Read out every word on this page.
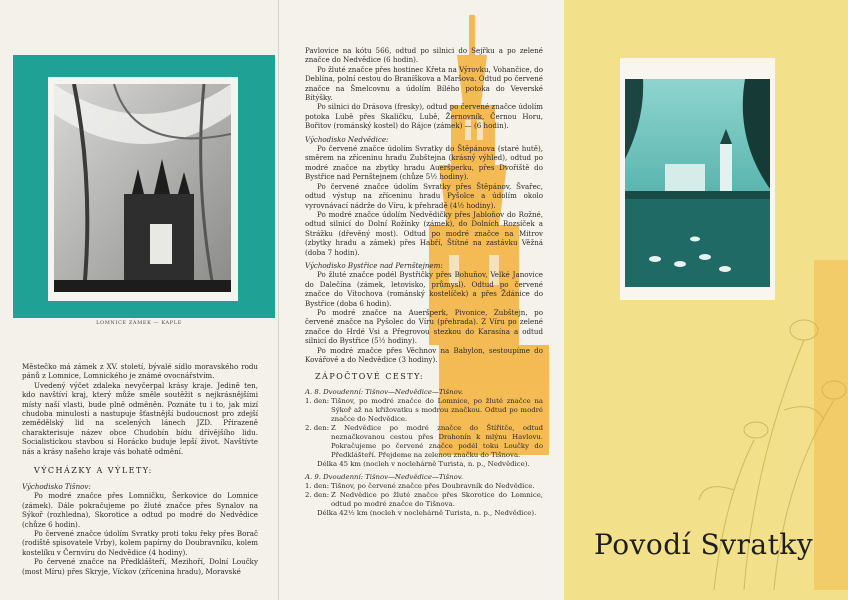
LOMNICE ZÁMEK — KAPLE

Městečko má zámek z XV. století, bývalé sídlo moravského rodu pánů z Lomnice, Lomnického je známé ovocnářstvím.

Uvedený výčet zdaleka nevyčerpal krásy kraje. Jedině ten, kdo navštíví kraj, který může směle soutěžit s nejkrásnějšími místy naší vlasti, bude plně odměněn. Poznáte tu i to, jak mizí chudoba minulosti a nastupuje šťastnější budoucnost pro zdejší zemědělský lid na scelených lánech JZD. Přirazeně charakterisuje název obce Chudobín bídu dřívějšího lidu. Socialistickou stavbou si Horácko buduje lepší život. Navštívte nás a krásy našeho kraje vás bohatě odmění.

VÝCHÁZKY A VÝLETY:

Východisko Tišnov:

Po modré značce přes Lomničku, Šerkovice do Lomnice (zámek). Dále pokračujeme po žluté značce přes Synalov na Sýkoř (rozhledna), Skorotice a odtud po modré do Nedvědice (chůze 6 hodin).

Po červené značce údolím Svratky proti toku řeky přes Borač (rodiště spisovatele Vrby), kolem papírny do Doubravníku, kolem kostelíku v Černvíru do Nedvědice (4 hodiny).

Po červené značce na Předklášteří, Mezihoří, Dolní Loučky (most Míru) přes Skryje, Víckov (zřícenina hradu), Moravské

Pavlovice na kótu 566, odtud po silnici do Sejřku a po zelené značce do Nedvědice (6 hodin).

Po žluté značce přes hostinec Křeta na Výrovku, Vohančice, do Deblína, polní cestou do Braníškova a Maršova. Odtud po červené značce na Šmelcovnu a údolím Bílého potoka do Veverské Bítýšky.

Po silnici do Drásova (fresky), odtud po červené značce údolím potoka Lubě přes Skaličku, Lubě, Žernovník, Černou Horu, Bořitov (románský kostel) do Rájce (zámek) — (6 hodin).

Východisko Nedvědice:

Po červené značce údolím Svratky do Štěpánova (staré hutě), směrem na zříceninu hradu Zubštejna (krásný výhled), odtud po modré značce na zbytky hradu Aueršperku, přes Dvořiště do Bystřice nad Pernštejnem (chůze 5½ hodiny).

Po červené značce údolím Svratky přes Štěpánov, Švařec, odtud výstup na zříceninu hradu Pyšolce a údolím okolo vyrovnávací nádrže do Víru, k přehradě (4½ hodiny).

Po modré značce údolím Nedvědičky přes Jabloňov do Rožné, odtud silnicí do Dolní Rožínky (zámek), do Dolních Rozsíček a Strážku (dřevěný most). Odtud po modré značce na Mitrov (zbytky hradu a zámek) přes Habří, Štítné na zastávku Věžná (doba 7 hodin).

Východisko Bystřice nad Pernštejnem:

Po žluté značce podél Bystřičky přes Bohuňov, Velké Janovice do Dalečína (zámek, letovisko, průmysl). Odtud po červené značce do Vítochova (románský kostelíček) a přes Ždánice do Bystřice (doba 6 hodin).

Po modré značce na Aueršperk, Pivonice, Zubštejn, po červené značce na Pyšolec do Víru (přehrada). Z Víru po zelené značce do Hrdé Vsi a Přegrovou stezkou do Karasína a odtud silnicí do Bystřice (5½ hodiny).

Po modré značce přes Věchnov na Babylon, sestoupíme do Kovářové a do Nedvědice (3 hodiny).

ZÁPOČTOVÉ CESTY:

A. 8. Dvoudenní: Tišnov—Nedvědice—Tišnov.

1. den: Tišnov, po modré značce do Lomnice, po žluté značce na Sýkoř až na křižovatku s modrou značkou. Odtud po modré značce do Nedvědice.
2. den: Z Nedvědice po modré značce do Štířitče, odtud neznačkovanou cestou přes Drahonín k mlýnu Havlovu. Pokračujeme po červené značce podél toku Loučky do Předklášteří. Přejdeme na zelenou značku do Tišnova.

Délka 45 km (nocleh v noclehárně Turista, n. p., Nedvědice).

A. 9. Dvoudenní: Tišnov—Nedvědice—Tišnov.

1. den: Tišnov, po červené značce přes Doubravník do Nedvědice.
2. den: Z Nedvědice po žluté značce přes Skorotice do Lomnice, odtud po modré značce do Tišnova.

Délka 42½ km (nocleh v noclehárně Turista, n. p., Nedvědice).

Povodí Svratky
